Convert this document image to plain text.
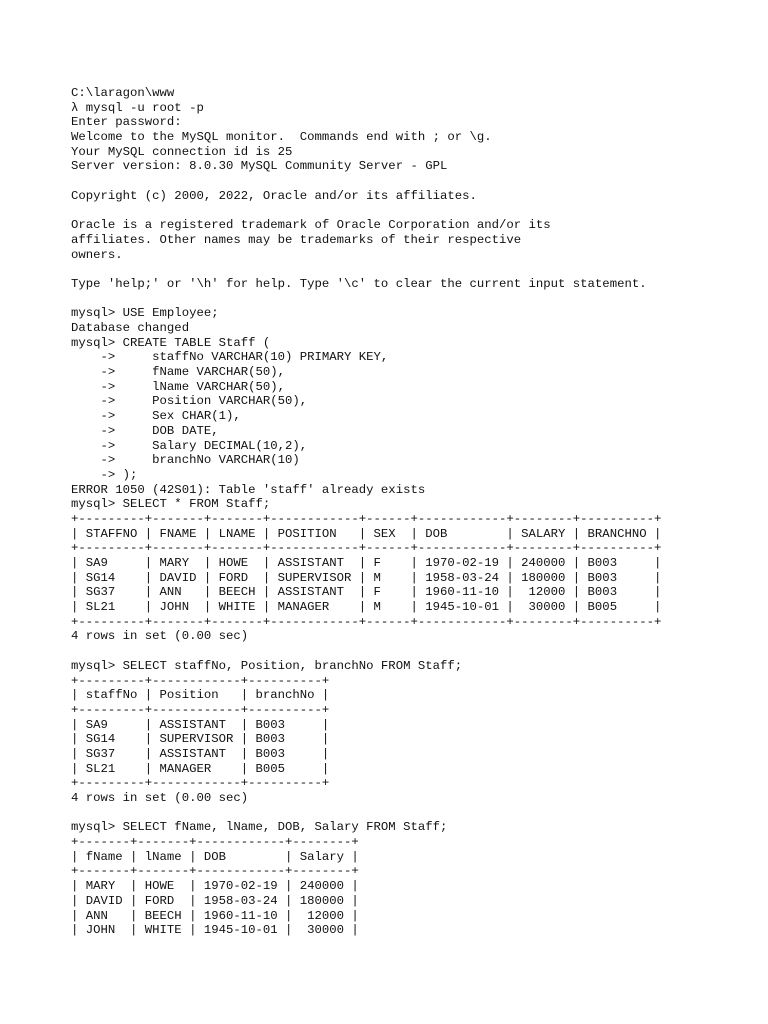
C:\laragon\www
λ mysql -u root -p
Enter password:
Welcome to the MySQL monitor.  Commands end with ; or \g.
Your MySQL connection id is 25
Server version: 8.0.30 MySQL Community Server - GPL
Copyright (c) 2000, 2022, Oracle and/or its affiliates.
Oracle is a registered trademark of Oracle Corporation and/or its
affiliates. Other names may be trademarks of their respective
owners.
Type 'help;' or '\h' for help. Type '\c' to clear the current input statement.
mysql> USE Employee;
Database changed
mysql> CREATE TABLE Staff (
->     staffNo VARCHAR(10) PRIMARY KEY,
->     fName VARCHAR(50),
->     lName VARCHAR(50),
->     Position VARCHAR(50),
->     Sex CHAR(1),
->     DOB DATE,
->     Salary DECIMAL(10,2),
->     branchNo VARCHAR(10)
-> );
ERROR 1050 (42S01): Table 'staff' already exists
mysql> SELECT * FROM Staff;
+---------+-------+-------+------------+------+------------+--------+----------+
| STAFFNO | FNAME | LNAME | POSITION   | SEX  | DOB        | SALARY | BRANCHNO |
+---------+-------+-------+------------+------+------------+--------+----------+
| SA9     | MARY  | HOWE  | ASSISTANT  | F    | 1970-02-19 | 240000 | B003     |
| SG14    | DAVID | FORD  | SUPERVISOR | M    | 1958-03-24 | 180000 | B003     |
| SG37    | ANN   | BEECH | ASSISTANT  | F    | 1960-11-10 |  12000 | B003     |
| SL21    | JOHN  | WHITE | MANAGER    | M    | 1945-10-01 |  30000 | B005     |
+---------+-------+-------+------------+------+------------+--------+----------+
4 rows in set (0.00 sec)
mysql> SELECT staffNo, Position, branchNo FROM Staff;
+---------+------------+----------+
| staffNo | Position   | branchNo |
+---------+------------+----------+
| SA9     | ASSISTANT  | B003     |
| SG14    | SUPERVISOR | B003     |
| SG37    | ASSISTANT  | B003     |
| SL21    | MANAGER    | B005     |
+---------+------------+----------+
4 rows in set (0.00 sec)
mysql> SELECT fName, lName, DOB, Salary FROM Staff;
+-------+-------+------------+--------+
| fName | lName | DOB        | Salary |
+-------+-------+------------+--------+
| MARY  | HOWE  | 1970-02-19 | 240000 |
| DAVID | FORD  | 1958-03-24 | 180000 |
| ANN   | BEECH | 1960-11-10 |  12000 |
| JOHN  | WHITE | 1945-10-01 |  30000 |
